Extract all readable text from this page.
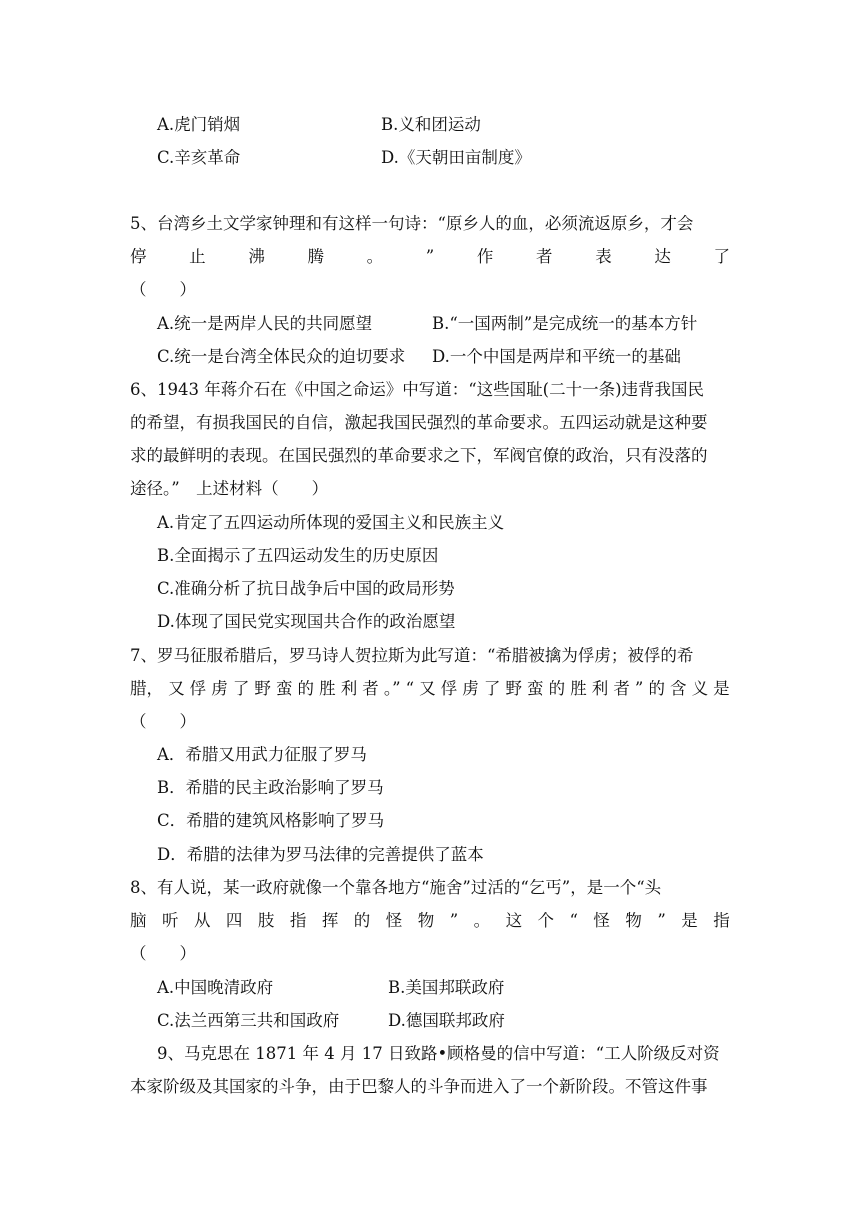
A.虎门销烟	B.义和团运动
C.辛亥革命	D.《天朝田亩制度》
5、台湾乡土文学家钟理和有这样一句诗：“原乡人的血，必须流返原乡，才会
停	止	沸	腾	。	”	作	者	表	达	了
（　　）
A.统一是两岸人民的共同愿望	B.“一国两制”是完成统一的基本方针
C.统一是台湾全体民众的迫切要求 D.一个中国是两岸和平统一的基础
6、1943 年蒋介石在《中国之命运》中写道：“这些国耻(二十一条)违背我国民
的希望，有损我国民的自信，激起我国民强烈的革命要求。五四运动就是这种要
求的最鲜明的表现。在国民强烈的革命要求之下，军阀官僚的政治，只有没落的
途径。”　上述材料（　　）
A.肯定了五四运动所体现的爱国主义和民族主义
B.全面揭示了五四运动发生的历史原因
C.准确分析了抗日战争后中国的政局形势
D.体现了国民党实现国共合作的政治愿望
7、罗马征服希腊后，罗马诗人贺拉斯为此写道：“希腊被擒为俘虏；被俘的希
腊， 又 俘 虏 了 野 蛮 的 胜 利 者 。” “ 又 俘 虏 了 野 蛮 的 胜 利 者 ” 的 含 义 是
（　　）
A．希腊又用武力征服了罗马
B．希腊的民主政治影响了罗马
C．希腊的建筑风格影响了罗马
D．希腊的法律为罗马法律的完善提供了蓝本
8、有人说，某一政府就像一个靠各地方“施舍”过活的“乞丐”，是一个“头
脑 听 从 四 肢 指 挥 的 怪 物 ” 。 这 个 “ 怪 物 ” 是 指
（　　）
A.中国晚清政府	B.美国邦联政府
C.法兰西第三共和国政府	D.德国联邦政府
9、马克思在 1871 年 4 月 17 日致路•顾格曼的信中写道：“工人阶级反对资
本家阶级及其国家的斗争，由于巴黎人的斗争而进入了一个新阶段。不管这件事
